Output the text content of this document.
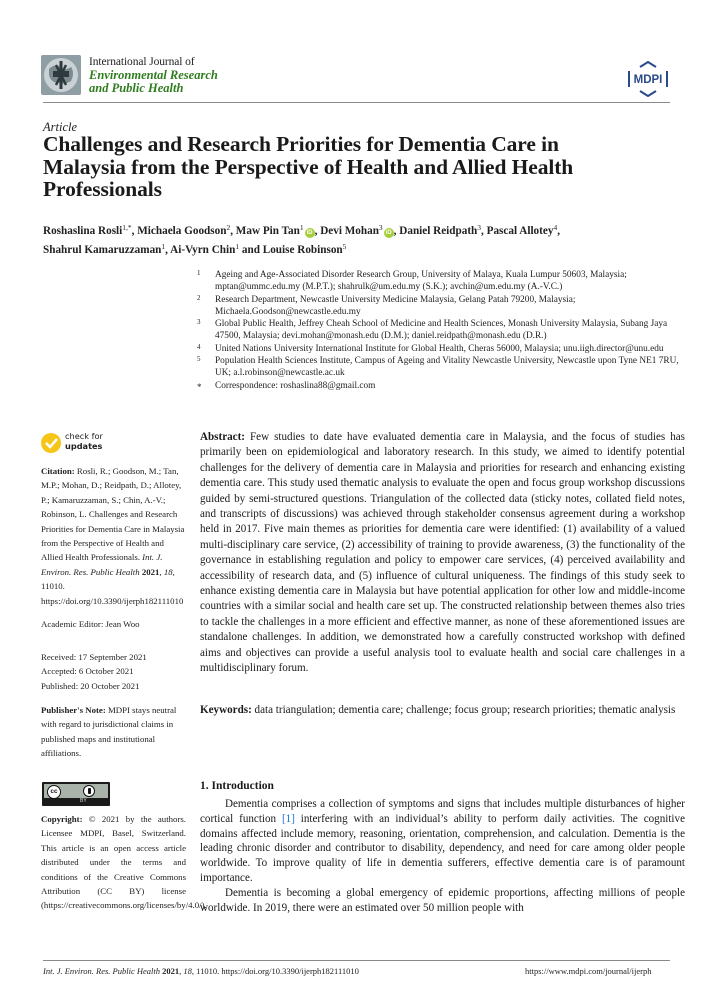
International Journal of
Environmental Research
and Public Health
MDPI
Article
Challenges and Research Priorities for Dementia Care in Malaysia from the Perspective of Health and Allied Health Professionals
Roshaslina Rosli$^{1,*}$, Michaela Goodson$^2$, Maw Pin Tan$^1$iD , Devi Mohan$^3$iD , Daniel Reidpath$^3$, Pascal Allotey$^4$,
Shahrul Kamaruzzaman$^1$, Ai-Vyrn Chin$^1$ and Louise Robinson$^5$
1 Ageing and Age-Associated Disorder Research Group, University of Malaya, Kuala Lumpur 50603, Malaysia; mptan@ummc.edu.my (M.P.T.); shahrulk@um.edu.my (S.K.); avchin@um.edu.my (A.-V.C.)
2 Research Department, Newcastle University Medicine Malaysia, Gelang Patah 79200, Malaysia; Michaela.Goodson@newcastle.edu.my
3 Global Public Health, Jeffrey Cheah School of Medicine and Health Sciences, Monash University Malaysia, Subang Jaya 47500, Malaysia; devi.mohan@monash.edu (D.M.); daniel.reidpath@monash.edu (D.R.)
4 United Nations University International Institute for Global Health, Cheras 56000, Malaysia; unu.iigh.director@unu.edu
5 Population Health Sciences Institute, Campus of Ageing and Vitality Newcastle University, Newcastle upon Tyne NE1 7RU, UK; a.l.robinson@newcastle.ac.uk
* Correspondence: roshaslina88@gmail.com
check for
updates
Citation: Rosli, R.; Goodson, M.; Tan, M.P.; Mohan, D.; Reidpath, D.; Allotey, P.; Kamaruzzaman, S.; Chin, A.-V.; Robinson, L. Challenges and Research Priorities for Dementia Care in Malaysia from the Perspective of Health and Allied Health Professionals. Int. J. Environ. Res. Public Health 2021, 18, 11010. https://doi.org/10.3390/ijerph182111010
Academic Editor: Jean Woo
Received: 17 September 2021
Accepted: 6 October 2021
Published: 20 October 2021
Publisher's Note: MDPI stays neutral with regard to jurisdictional claims in published maps and institutional affiliations.
cc
BY
Copyright: © 2021 by the authors. Licensee MDPI, Basel, Switzerland. This article is an open access article distributed under the terms and conditions of the Creative Commons Attribution (CC BY) license (https://creativecommons.org/licenses/by/4.0/).
Abstract: Few studies to date have evaluated dementia care in Malaysia, and the focus of studies has primarily been on epidemiological and laboratory research. In this study, we aimed to identify potential challenges for the delivery of dementia care in Malaysia and priorities for research and enhancing existing dementia care. This study used thematic analysis to evaluate the open and focus group workshop discussions guided by semi-structured questions. Triangulation of the collected data (sticky notes, collated field notes, and transcripts of discussions) was achieved through stakeholder consensus agreement during a workshop held in 2017. Five main themes as priorities for dementia care were identified: (1) availability of a valued multi-disciplinary care service, (2) accessibility of training to provide awareness, (3) the functionality of the governance in establishing regulation and policy to empower care services, (4) perceived availability and accessibility of research data, and (5) influence of cultural uniqueness. The findings of this study seek to enhance existing dementia care in Malaysia but have potential application for other low and middle-income countries with a similar social and health care set up. The constructed relationship between themes also tries to tackle the challenges in a more efficient and effective manner, as none of these aforementioned issues are standalone challenges. In addition, we demonstrated how a carefully constructed workshop with defined aims and objectives can provide a useful analysis tool to evaluate health and social care challenges in a multidisciplinary forum.
Keywords: data triangulation; dementia care; challenge; focus group; research priorities; thematic analysis
1. Introduction

Dementia comprises a collection of symptoms and signs that includes multiple disturbances of higher cortical function [1] interfering with an individual’s ability to perform daily activities. The cognitive domains affected include memory, reasoning, orientation, comprehension, and calculation. Dementia is the leading chronic disorder and contributor to disability, dependency, and need for care among older people worldwide. To improve quality of life in dementia sufferers, effective dementia care is of paramount importance.

Dementia is becoming a global emergency of epidemic proportions, affecting millions of people worldwide. In 2019, there were an estimated over 50 million people with

Int. J. Environ. Res. Public Health 2021, 18, 11010. https://doi.org/10.3390/ijerph182111010	https://www.mdpi.com/journal/ijerph
